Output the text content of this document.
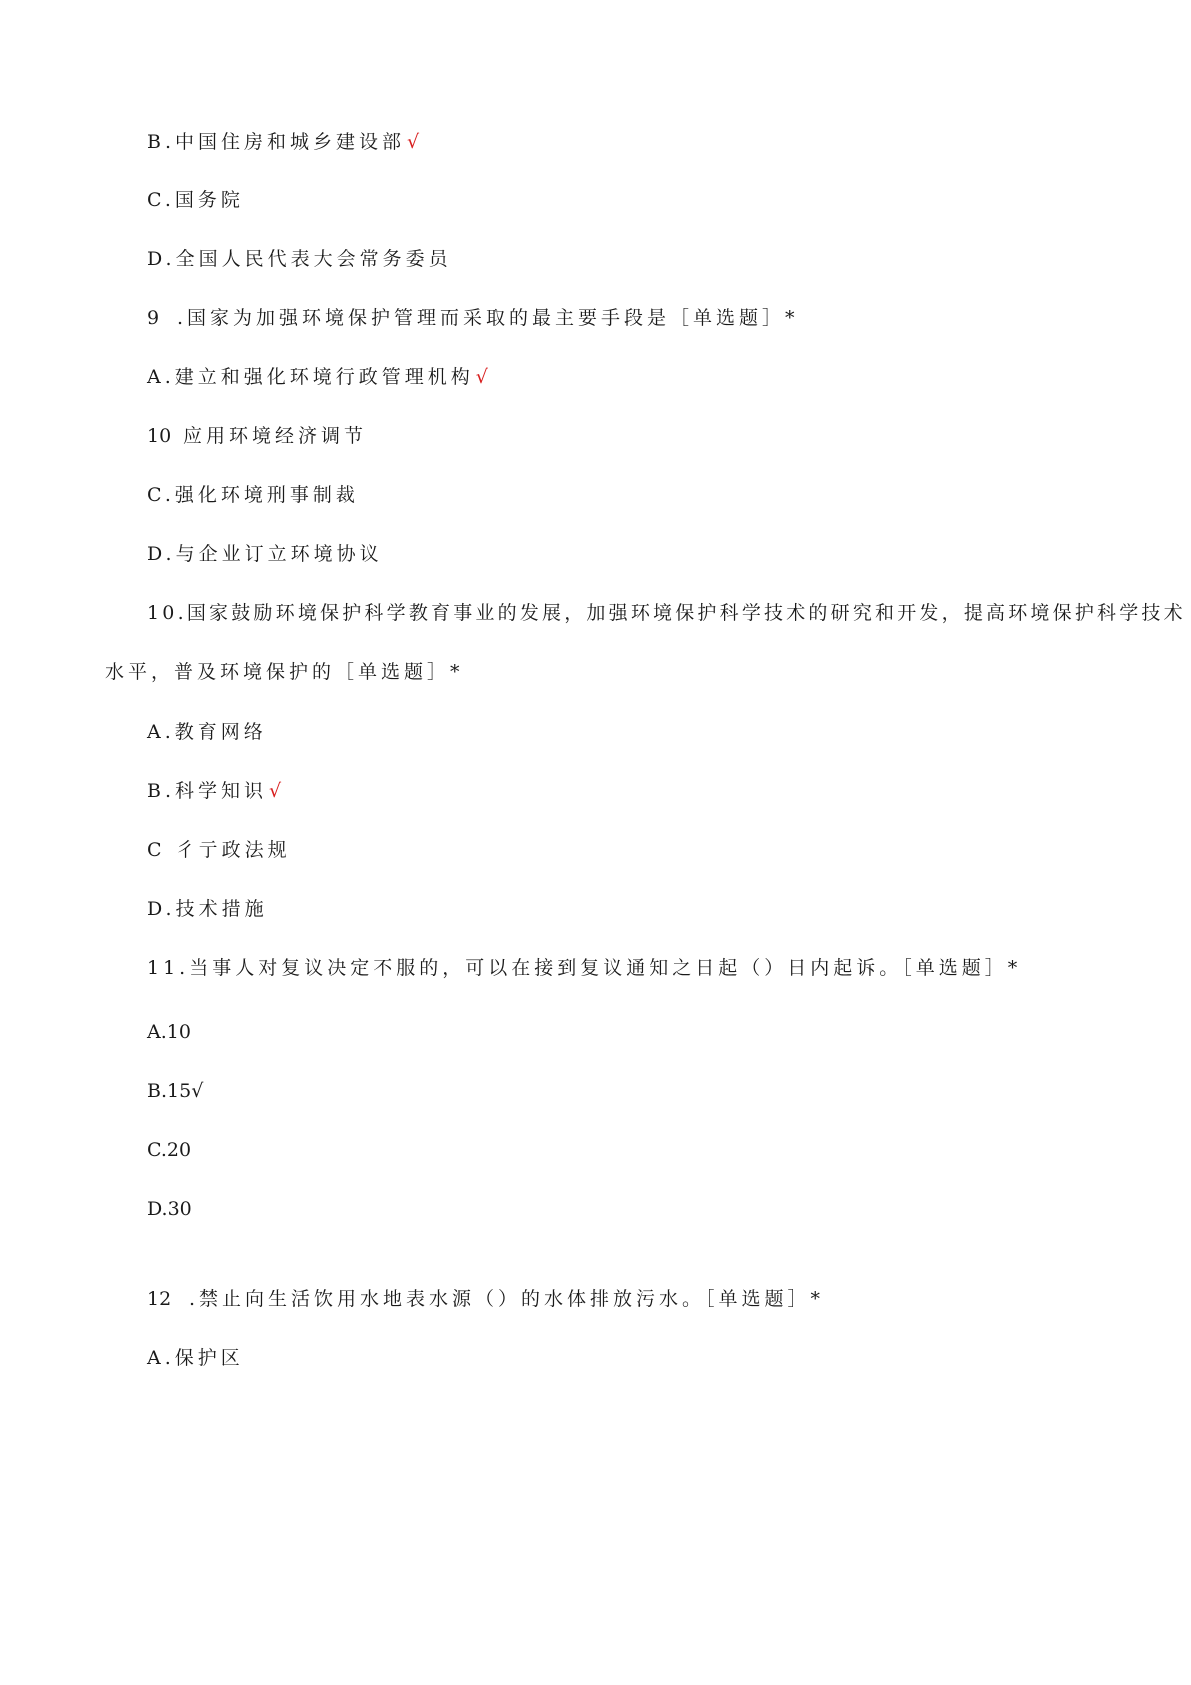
B.中国住房和城乡建设部 √
C.国务院
D.全国人民代表大会常务委员
9 .国家为加强环境保护管理而采取的最主要手段是［单选题］*
A.建立和强化环境行政管理机构 √
10 应用环境经济调节
C.强化环境刑事制裁
D.与企业订立环境协议
10.国家鼓励环境保护科学教育事业的发展，加强环境保护科学技术的研究和开发，提高环境保护科学技术
水平，普及环境保护的［单选题］*
A.教育网络
B.科学知识 √
C 彳亍政法规
D.技术措施
11.当事人对复议决定不服的，可以在接到复议通知之日起（）日内起诉。［单选题］*
A.10
B.15√
C.20
D.30
12 .禁止向生活饮用水地表水源（）的水体排放污水。［单选题］*
A.保护区
